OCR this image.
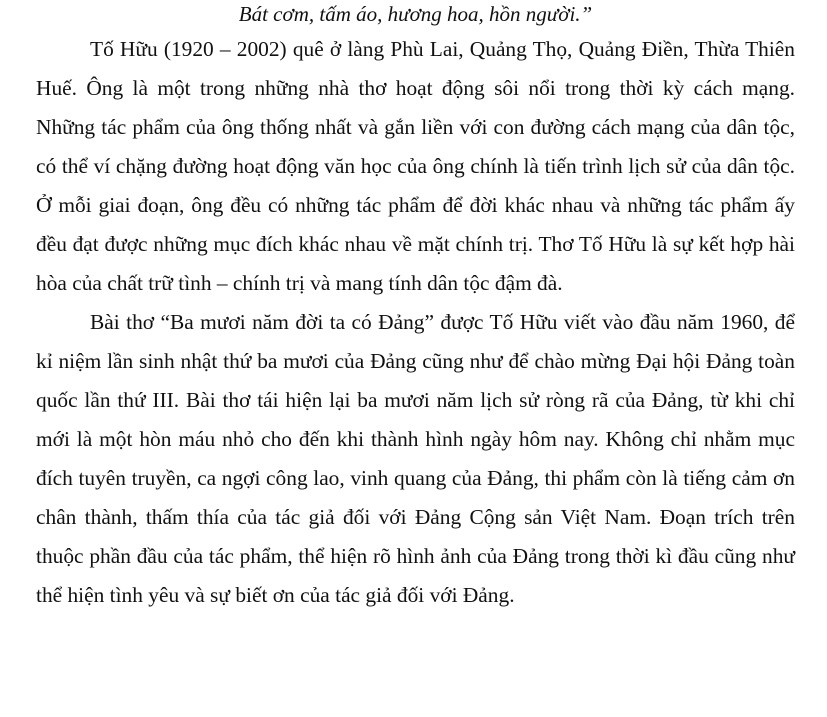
Bát cơm, tấm áo, hương hoa, hồn người.”

Tố Hữu (1920 – 2002) quê ở làng Phù Lai, Quảng Thọ, Quảng Điền, Thừa Thiên Huế. Ông là một trong những nhà thơ hoạt động sôi nổi trong thời kỳ cách mạng. Những tác phẩm của ông thống nhất và gắn liền với con đường cách mạng của dân tộc, có thể ví chặng đường hoạt động văn học của ông chính là tiến trình lịch sử của dân tộc. Ở mỗi giai đoạn, ông đều có những tác phẩm để đời khác nhau và những tác phẩm ấy đều đạt được những mục đích khác nhau về mặt chính trị. Thơ Tố Hữu là sự kết hợp hài hòa của chất trữ tình – chính trị và mang tính dân tộc đậm đà.

Bài thơ “Ba mươi năm đời ta có Đảng” được Tố Hữu viết vào đầu năm 1960, để kỉ niệm lần sinh nhật thứ ba mươi của Đảng cũng như để chào mừng Đại hội Đảng toàn quốc lần thứ III. Bài thơ tái hiện lại ba mươi năm lịch sử ròng rã của Đảng, từ khi chỉ mới là một hòn máu nhỏ cho đến khi thành hình ngày hôm nay. Không chỉ nhằm mục đích tuyên truyền, ca ngợi công lao, vinh quang của Đảng, thi phẩm còn là tiếng cảm ơn chân thành, thấm thía của tác giả đối với Đảng Cộng sản Việt Nam. Đoạn trích trên thuộc phần đầu của tác phẩm, thể hiện rõ hình ảnh của Đảng trong thời kì đầu cũng như thể hiện tình yêu và sự biết ơn của tác giả đối với Đảng.
